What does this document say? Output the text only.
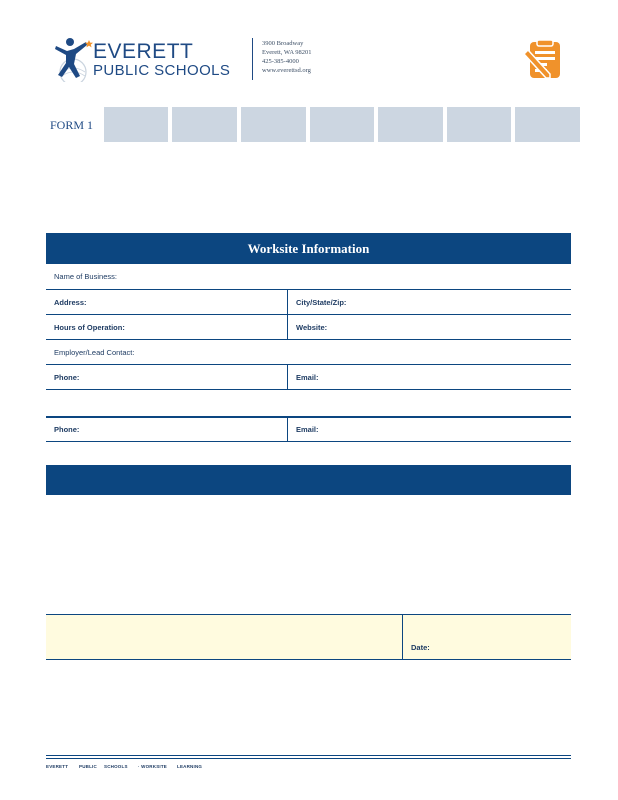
EVERETT
PUBLIC SCHOOLS
3900 Broadway
Everett, WA 98201
425-385-4000
www.everettsd.org
FORM 1
Worksite Information
Name of Business:
Address:	City/State/Zip:
Hours of Operation:	Website:
Employer/Lead Contact:
Phone:	Email:
Phone:	Email:
Date:
EVERETT PUBLIC SCHOOLS · WORKSITE LEARNING
